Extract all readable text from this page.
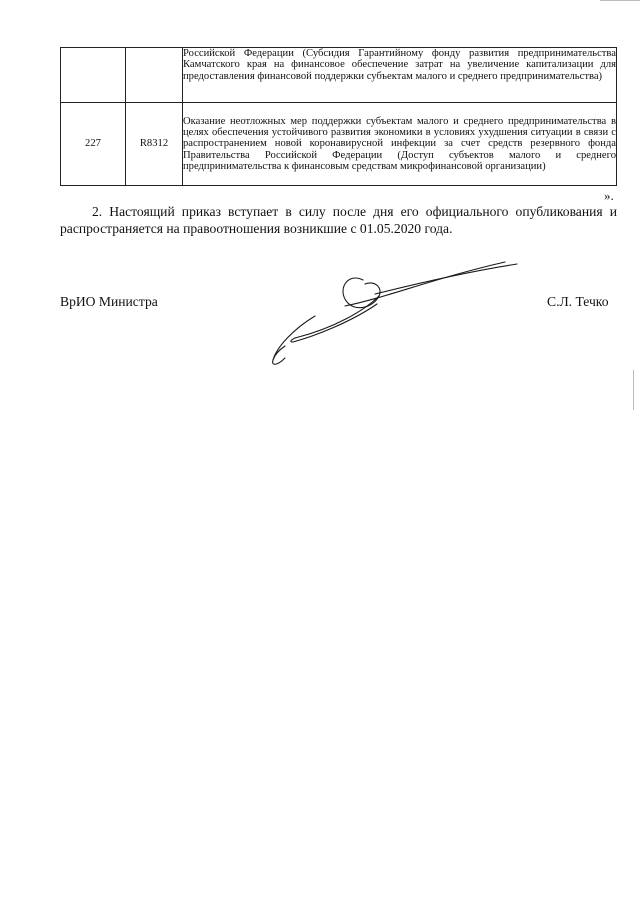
		Российской Федерации (Субсидия Гарантийному фонду развития предпринимательства Камчатского края на финансовое обеспечение затрат на увеличение капитализации для предоставления финансовой поддержки субъектам малого и среднего предпринимательства)
227	R8312	Оказание неотложных мер поддержки субъектам малого и среднего предпринимательства в целях обеспечения устойчивого развития экономики в условиях ухудшения ситуации в связи с распространением новой коронавирусной инфекции за счет средств резервного фонда Правительства Российской Федерации (Доступ субъектов малого и среднего предпринимательства к финансовым средствам микрофинансовой организации)
».
2. Настоящий приказ вступает в силу после дня его официального опубликования и распространяется на правоотношения возникшие с 01.05.2020 года.
ВрИО Министра	С.Л. Течко
